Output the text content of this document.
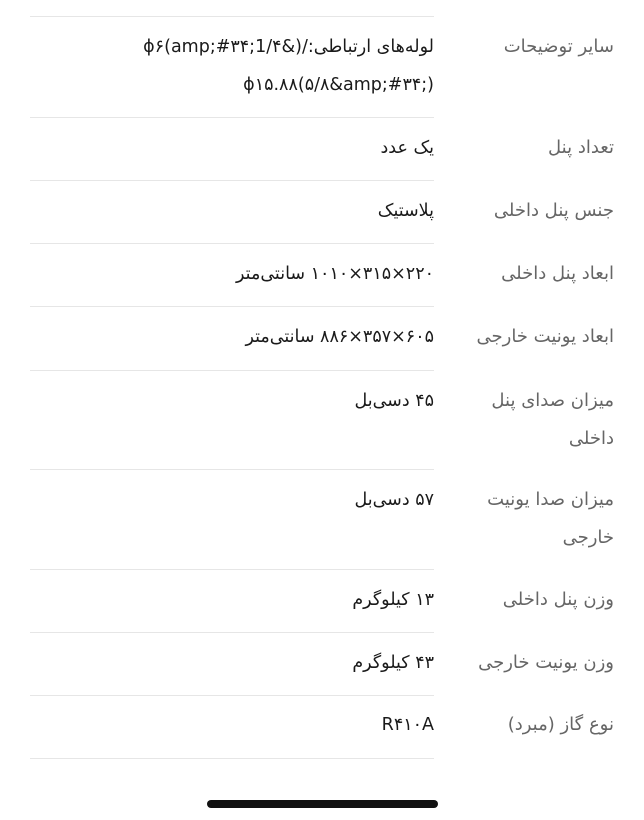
سایر توضیحات
لوله‌های ارتباطی:/(&amp;#۳۴;1/۴)ϕ۶
ϕ۱۵.۸۸(۵/۸&amp;#۳۴;)
تعداد پنل
یک عدد
جنس پنل داخلی
پلاستیک
ابعاد پنل داخلی
۲۲۰×۳۱۵×۱۰۱۰ سانتی‌متر
ابعاد یونیت خارجی
۶۰۵×۳۵۷×۸۸۶ سانتی‌متر
میزان صدای پنل
داخلی
۴۵ دسی‌بل
میزان صدا یونیت
خارجی
۵۷ دسی‌بل
وزن پنل داخلی
۱۳ کیلوگرم
وزن یونیت خارجی
۴۳ کیلوگرم
نوع گاز (مبرد)
R۴۱۰A
